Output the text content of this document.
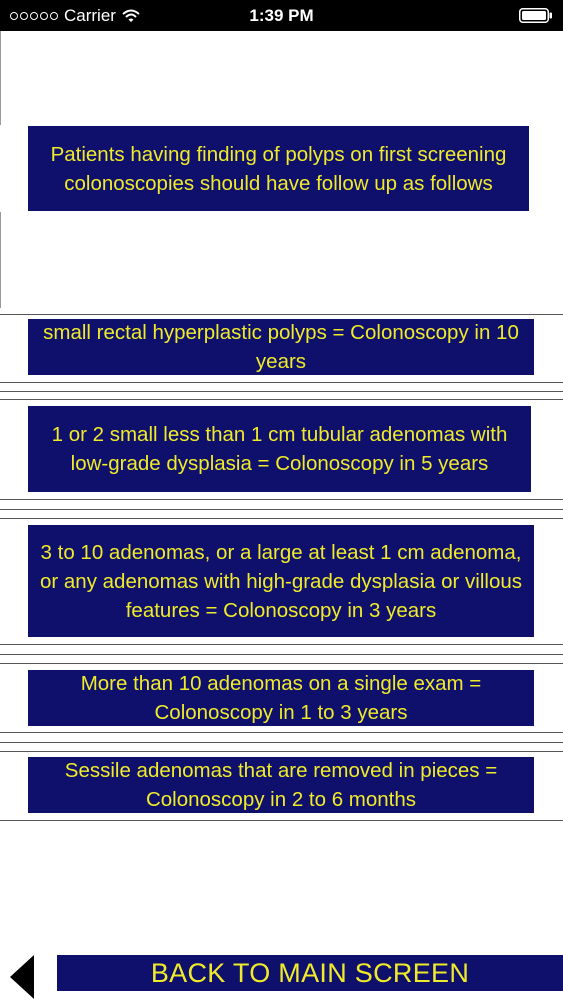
Carrier	1:39 PM
Patients having finding of polyps on first screening colonoscopies should have follow up as follows
small rectal hyperplastic polyps = Colonoscopy in 10 years
1 or 2 small less than 1 cm tubular adenomas with low-grade dysplasia = Colonoscopy in 5 years
3 to 10 adenomas, or a large at least 1 cm adenoma, or any adenomas with high-grade dysplasia or villous features = Colonoscopy in 3 years
More than 10 adenomas on a single exam = Colonoscopy in 1 to 3 years
Sessile adenomas that are removed in pieces = Colonoscopy in 2 to 6 months
BACK TO MAIN SCREEN
